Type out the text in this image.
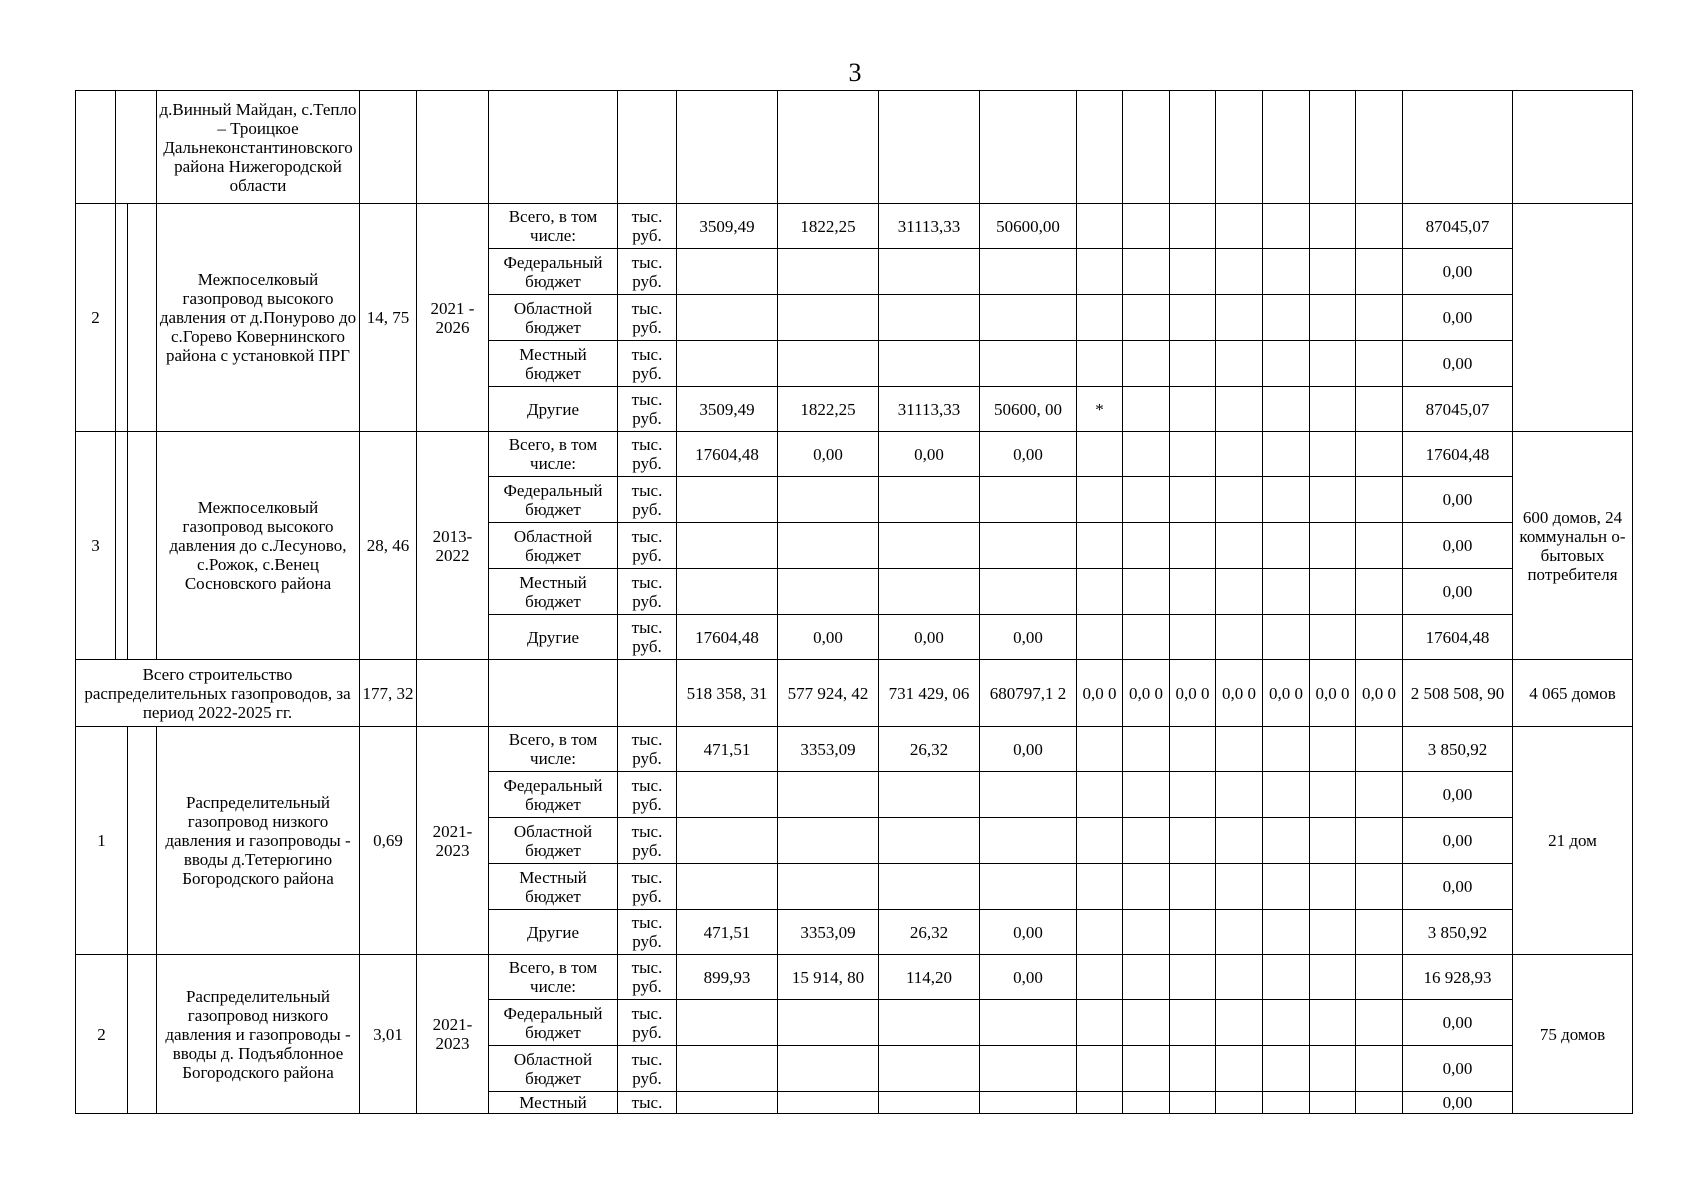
3
			д.Винный Майдан, с.Тепло – Троицкое Дальнеконстантиновского района Нижегородской области																	
2			Межпоселковый газопровод высокого давления от д.Понурово до с.Горево Ковернинского района с установкой ПРГ	14, 75	2021 - 2026	Всего, в том числе:	тыс. руб.	3509,49	1822,25	31113,33	50600,00								87045,07	
						Федеральный бюджет	тыс. руб.												0,00	
						Областной бюджет	тыс. руб.												0,00	
						Местный бюджет	тыс. руб.												0,00	
						Другие	тыс. руб.	3509,49	1822,25	31113,33	50600, 00	*							87045,07	
3			Межпоселковый газопровод высокого давления до с.Лесуново, с.Рожок, с.Венец Сосновского района	28, 46	2013- 2022	Всего, в том числе:	тыс. руб.	17604,48	0,00	0,00	0,00								17604,48	600 домов, 24 коммунальн о-бытовых потребителя
						Федеральный бюджет	тыс. руб.												0,00	
						Областной бюджет	тыс. руб.												0,00	
						Местный бюджет	тыс. руб.												0,00	
						Другие	тыс. руб.	17604,48	0,00	0,00	0,00								17604,48	
Всего строительство распределительных газопроводов, за период 2022-2025 гг.				177, 32				518 358, 31	577 924, 42	731 429, 06	680797,1 2	0,0 0	0,0 0	0,0 0	0,0 0	0,0 0	0,0 0	0,0 0	2 508 508, 90	4 065 домов
1			Распределительный газопровод низкого давления и газопроводы - вводы д.Тетерюгино Богородского района	0,69	2021- 2023	Всего, в том числе:	тыс. руб.	471,51	3353,09	26,32	0,00								3 850,92	21 дом
						Федеральный бюджет	тыс. руб.												0,00	
						Областной бюджет	тыс. руб.												0,00	
						Местный бюджет	тыс. руб.												0,00	
						Другие	тыс. руб.	471,51	3353,09	26,32	0,00								3 850,92	
2			Распределительный газопровод низкого давления и газопроводы - вводы д. Подъяблонное Богородского района	3,01	2021- 2023	Всего, в том числе:	тыс. руб.	899,93	15 914, 80	114,20	0,00								16 928,93	75 домов
						Федеральный бюджет	тыс. руб.												0,00	
						Областной бюджет	тыс. руб.												0,00	
						Местный	тыс.												0,00	
